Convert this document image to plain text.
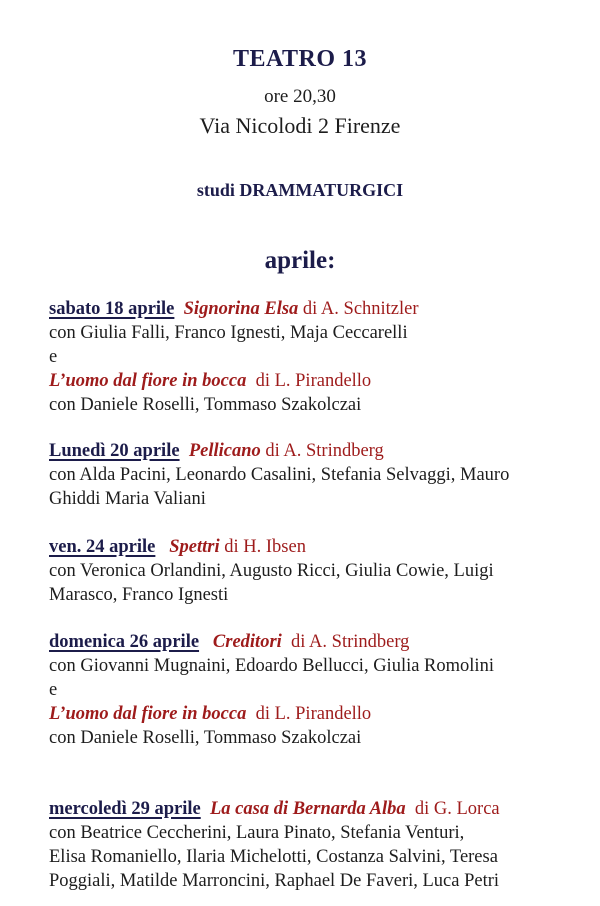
TEATRO 13
ore 20,30
Via Nicolodi 2 Firenze
studi DRAMMATURGICI
aprile:
sabato 18 aprile Signorina Elsa di A. Schnitzler
con Giulia Falli, Franco Ignesti, Maja Ceccarelli
e
L’uomo dal fiore in bocca di L. Pirandello
con Daniele Roselli, Tommaso Szakolczai
Lunedì 20 aprile Pellicano di A. Strindberg
con Alda Pacini, Leonardo Casalini, Stefania Selvaggi, Mauro
Ghiddi Maria Valiani
ven. 24 aprile Spettri di H. Ibsen
con Veronica Orlandini, Augusto Ricci, Giulia Cowie, Luigi
Marasco, Franco Ignesti
domenica 26 aprile Creditori di A. Strindberg
con Giovanni Mugnaini, Edoardo Bellucci, Giulia Romolini
e
L’uomo dal fiore in bocca di L. Pirandello
con Daniele Roselli, Tommaso Szakolczai
mercoledì 29 aprile La casa di Bernarda Alba di G. Lorca
con Beatrice Ceccherini, Laura Pinato, Stefania Venturi,
Elisa Romaniello, Ilaria Michelotti, Costanza Salvini, Teresa
Poggiali, Matilde Marroncini, Raphael De Faveri, Luca Petri
